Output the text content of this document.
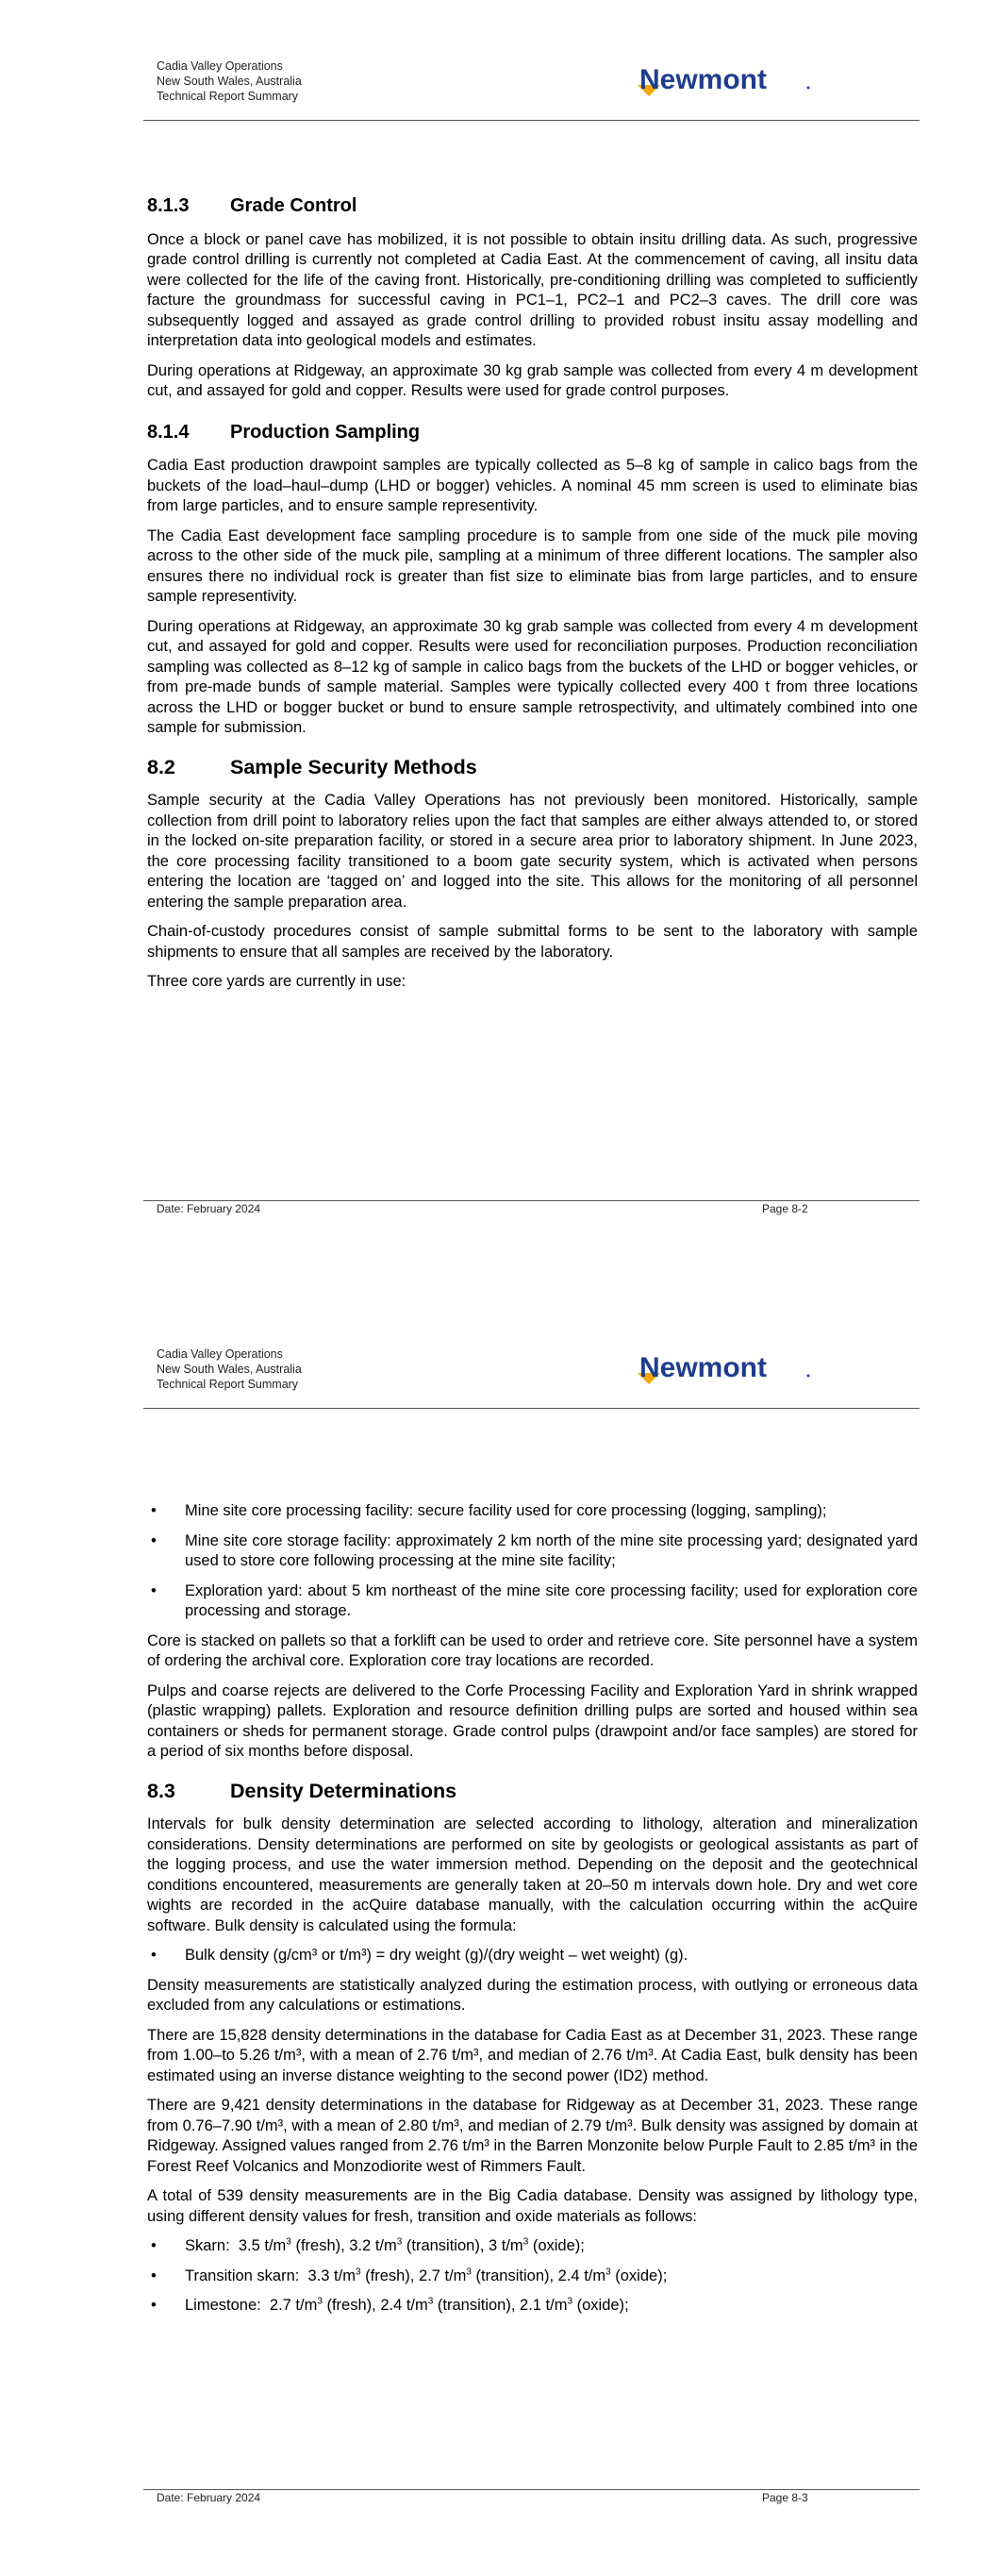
Cadia Valley Operations
New South Wales, Australia
Technical Report Summary
Newmont
8.1.3	Grade Control

Once a block or panel cave has mobilized, it is not possible to obtain insitu drilling data. As such, progressive grade control drilling is currently not completed at Cadia East. At the commencement of caving, all insitu data were collected for the life of the caving front. Historically, pre-conditioning drilling was completed to sufficiently facture the groundmass for successful caving in PC1–1, PC2–1 and PC2–3 caves. The drill core was subsequently logged and assayed as grade control drilling to provided robust insitu assay modelling and interpretation data into geological models and estimates.

During operations at Ridgeway, an approximate 30 kg grab sample was collected from every 4 m development cut, and assayed for gold and copper. Results were used for grade control purposes.

8.1.4	Production Sampling

Cadia East production drawpoint samples are typically collected as 5–8 kg of sample in calico bags from the buckets of the load–haul–dump (LHD or bogger) vehicles. A nominal 45 mm screen is used to eliminate bias from large particles, and to ensure sample representivity.

The Cadia East development face sampling procedure is to sample from one side of the muck pile moving across to the other side of the muck pile, sampling at a minimum of three different locations. The sampler also ensures there no individual rock is greater than fist size to eliminate bias from large particles, and to ensure sample representivity.

During operations at Ridgeway, an approximate 30 kg grab sample was collected from every 4 m development cut, and assayed for gold and copper. Results were used for reconciliation purposes. Production reconciliation sampling was collected as 8–12 kg of sample in calico bags from the buckets of the LHD or bogger vehicles, or from pre-made bunds of sample material. Samples were typically collected every 400 t from three locations across the LHD or bogger bucket or bund to ensure sample retrospectivity, and ultimately combined into one sample for submission.

8.2	Sample Security Methods

Sample security at the Cadia Valley Operations has not previously been monitored. Historically, sample collection from drill point to laboratory relies upon the fact that samples are either always attended to, or stored in the locked on-site preparation facility, or stored in a secure area prior to laboratory shipment. In June 2023, the core processing facility transitioned to a boom gate security system, which is activated when persons entering the location are ‘tagged on’ and logged into the site. This allows for the monitoring of all personnel entering the sample preparation area.

Chain-of-custody procedures consist of sample submittal forms to be sent to the laboratory with sample shipments to ensure that all samples are received by the laboratory.

Three core yards are currently in use:

Date: February 2024	Page 8-2
Cadia Valley Operations
New South Wales, Australia
Technical Report Summary
Newmont
• Mine site core processing facility: secure facility used for core processing (logging, sampling);
• Mine site core storage facility: approximately 2 km north of the mine site processing yard; designated yard used to store core following processing at the mine site facility;
• Exploration yard: about 5 km northeast of the mine site core processing facility; used for exploration core processing and storage.

Core is stacked on pallets so that a forklift can be used to order and retrieve core. Site personnel have a system of ordering the archival core. Exploration core tray locations are recorded.

Pulps and coarse rejects are delivered to the Corfe Processing Facility and Exploration Yard in shrink wrapped (plastic wrapping) pallets. Exploration and resource definition drilling pulps are sorted and housed within sea containers or sheds for permanent storage. Grade control pulps (drawpoint and/or face samples) are stored for a period of six months before disposal.

8.3	Density Determinations

Intervals for bulk density determination are selected according to lithology, alteration and mineralization considerations. Density determinations are performed on site by geologists or geological assistants as part of the logging process, and use the water immersion method. Depending on the deposit and the geotechnical conditions encountered, measurements are generally taken at 20–50 m intervals down hole. Dry and wet core wights are recorded in the acQuire database manually, with the calculation occurring within the acQuire software. Bulk density is calculated using the formula:

• Bulk density (g/cm³ or t/m³) = dry weight (g)/(dry weight – wet weight) (g).

Density measurements are statistically analyzed during the estimation process, with outlying or erroneous data excluded from any calculations or estimations.

There are 15,828 density determinations in the database for Cadia East as at December 31, 2023. These range from 1.00–to 5.26 t/m³, with a mean of 2.76 t/m³, and median of 2.76 t/m³. At Cadia East, bulk density has been estimated using an inverse distance weighting to the second power (ID2) method.

There are 9,421 density determinations in the database for Ridgeway as at December 31, 2023. These range from 0.76–7.90 t/m³, with a mean of 2.80 t/m³, and median of 2.79 t/m³. Bulk density was assigned by domain at Ridgeway. Assigned values ranged from 2.76 t/m³ in the Barren Monzonite below Purple Fault to 2.85 t/m³ in the Forest Reef Volcanics and Monzodiorite west of Rimmers Fault.

A total of 539 density measurements are in the Big Cadia database. Density was assigned by lithology type, using different density values for fresh, transition and oxide materials as follows:

• Skarn: 3.5 $t/m^3$ (fresh), 3.2 $t/m^3$ (transition), 3 $t/m^3$ (oxide);
• Transition skarn: 3.3 $t/m^3$ (fresh), 2.7 $t/m^3$ (transition), 2.4 $t/m^3$ (oxide);
• Limestone: 2.7 $t/m^3$ (fresh), 2.4 $t/m^3$ (transition), 2.1 $t/m^3$ (oxide);
Date: February 2024	Page 8-3
